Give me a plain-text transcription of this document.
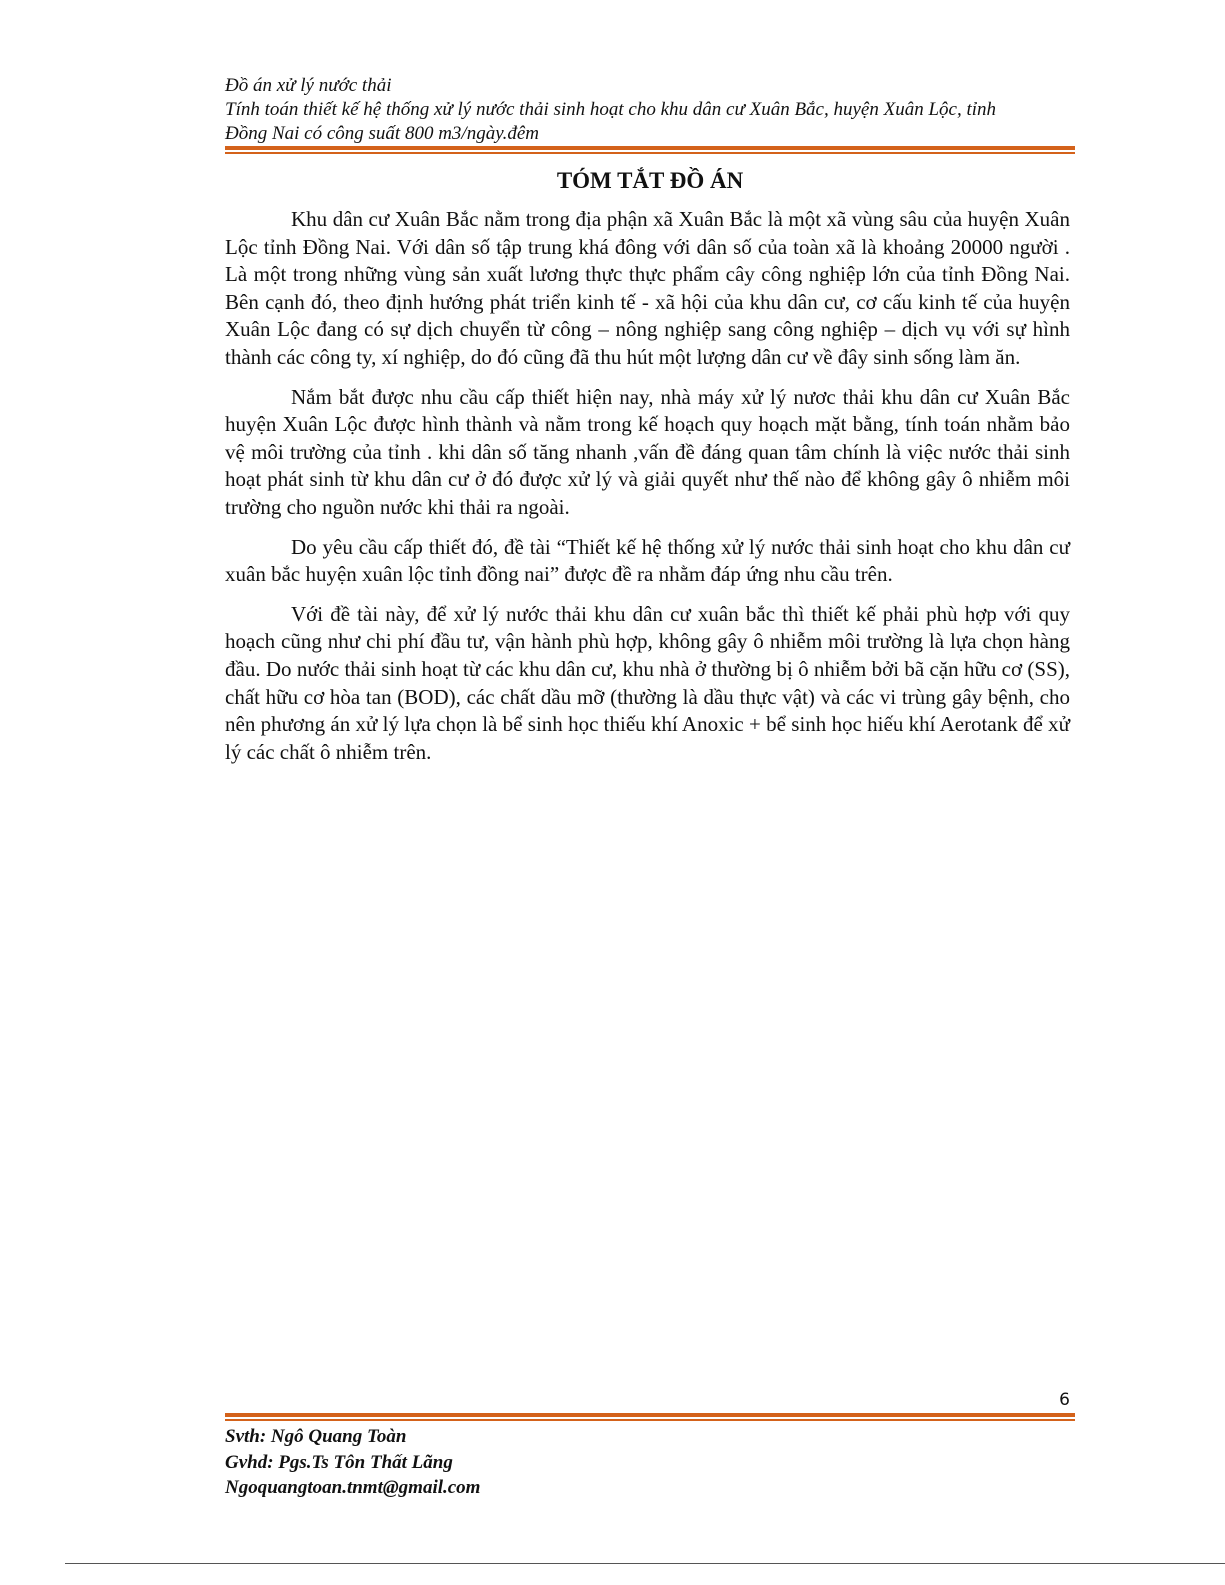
Đồ án xử lý nước thải
Tính toán thiết kế hệ thống xử lý nước thải sinh hoạt cho khu dân cư Xuân Bắc, huyện Xuân Lộc, tỉnh
Đồng Nai có công suất 800 m3/ngày.đêm
TÓM TẮT ĐỒ ÁN

Khu dân cư Xuân Bắc nằm trong địa phận xã Xuân Bắc là một xã vùng sâu của huyện Xuân Lộc tỉnh Đồng Nai. Với dân số tập trung khá đông với dân số của toàn xã là khoảng 20000 người . Là một trong những vùng sản xuất lương thực thực phẩm cây công nghiệp lớn của tỉnh Đồng Nai. Bên cạnh đó, theo định hướng phát triển kinh tế - xã hội của khu dân cư, cơ cấu kinh tế của huyện Xuân Lộc đang có sự dịch chuyển từ công – nông nghiệp sang công nghiệp – dịch vụ với sự hình thành các công ty, xí nghiệp, do đó cũng đã thu hút một lượng dân cư về đây sinh sống làm ăn.

Nắm bắt được nhu cầu cấp thiết hiện nay, nhà máy xử lý nươc thải khu dân cư Xuân Bắc huyện Xuân Lộc được hình thành và nằm trong kế hoạch quy hoạch mặt bằng, tính toán nhằm bảo vệ môi trường của tỉnh . khi dân số tăng nhanh ,vấn đề đáng quan tâm chính là việc nước thải sinh hoạt phát sinh từ khu dân cư ở đó được xử lý và giải quyết như thế nào để không gây ô nhiễm môi trường cho nguồn nước khi thải ra ngoài.

Do yêu cầu cấp thiết đó, đề tài “Thiết kế hệ thống xử lý nước thải sinh hoạt cho khu dân cư xuân bắc huyện xuân lộc tỉnh đồng nai” được đề ra nhằm đáp ứng nhu cầu trên.

Với đề tài này, để xử lý nước thải khu dân cư xuân bắc thì thiết kế phải phù hợp với quy hoạch cũng như chi phí đầu tư, vận hành phù hợp, không gây ô nhiễm môi trường là lựa chọn hàng đầu. Do nước thải sinh hoạt từ các khu dân cư, khu nhà ở thường bị ô nhiễm bởi bã cặn hữu cơ (SS), chất hữu cơ hòa tan (BOD), các chất dầu mỡ (thường là dầu thực vật) và các vi trùng gây bệnh, cho nên phương án xử lý lựa chọn là bể sinh học thiếu khí Anoxic + bể sinh học hiếu khí Aerotank để xử lý các chất ô nhiễm trên.

6
Svth: Ngô Quang Toàn
Gvhd: Pgs.Ts Tôn Thất Lãng
Ngoquangtoan.tnmt@gmail.com
